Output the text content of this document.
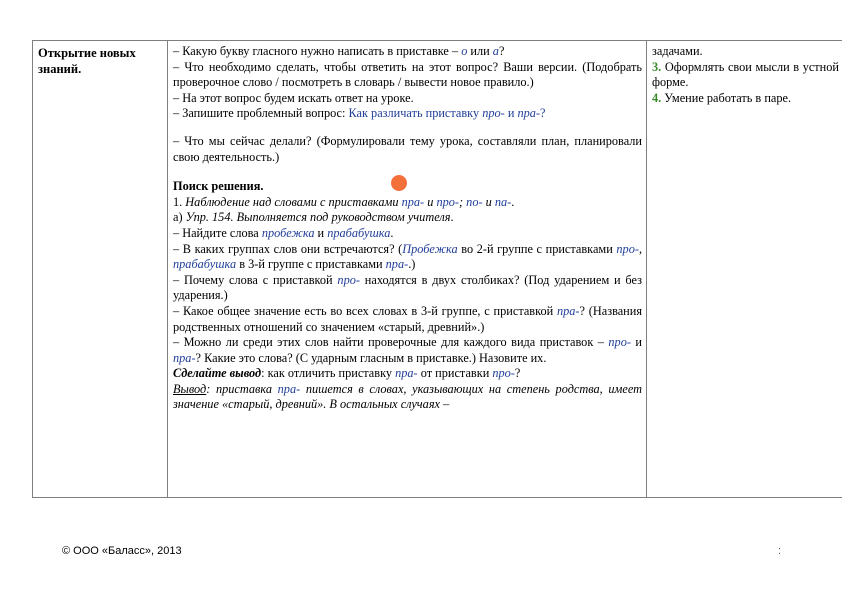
Открытие новых знаний.

– Какую букву гласного нужно написать в приставке – о или а?

– Что необходимо сделать, чтобы ответить на этот вопрос? Ваши версии. (Подобрать проверочное слово / посмотреть в словарь / вывести новое правило.)

– На этот вопрос будем искать ответ на уроке.

– Запишите проблемный вопрос: Как различать приставку про- и пра-?

– Что мы сейчас делали? (Формулировали тему урока, составляли план, планировали свою деятельность.)

Поиск решения.

1. Наблюдение над словами с приставками пра- и про-; по- и па-.

а) Упр. 154. Выполняется под руководством учителя.

– Найдите слова пробежка и прабабушка.

– В каких группах слов они встречаются? (Пробежка во 2-й группе с приставками про-, прабабушка в 3-й группе с приставками пра-.)

– Почему слова с приставкой про- находятся в двух столбиках? (Под ударением и без ударения.)

– Какое общее значение есть во всех словах в 3-й группе, с приставкой пра-? (Названия родственных отношений со значением «старый, древний».)

– Можно ли среди этих слов найти проверочные для каждого вида приставок – про- и пра-? Какие это слова? (С ударным гласным в приставке.) Назовите их.

Сделайте вывод: как отличить приставку пра- от приставки про-?

Вывод: приставка пра- пишется в словах, указывающих на степень родства, имеет значение «старый, древний». В остальных случаях –

задачами.

3. Оформлять свои мысли в устной форме.

4. Умение работать в паре.

© ООО «Баласс», 2013	:
